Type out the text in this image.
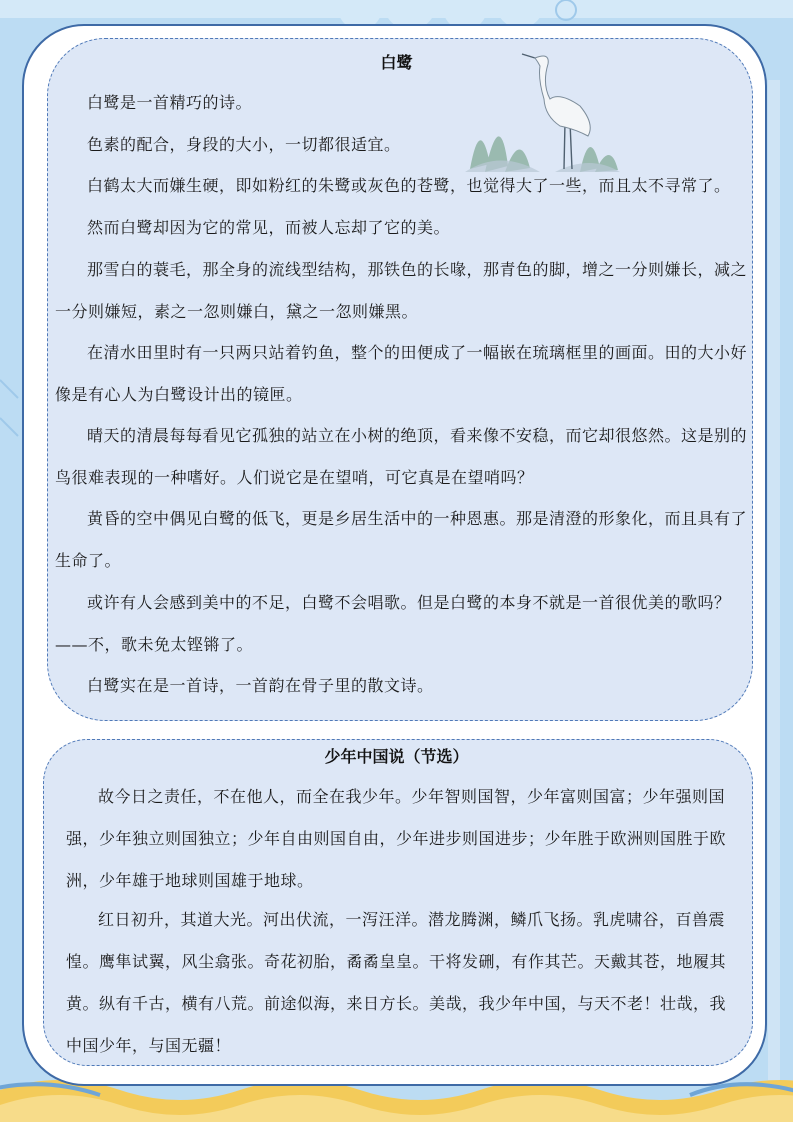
白鹭
少年中国说（节选）

白鹭是一首精巧的诗。

色素的配合，身段的大小，一切都很适宜。

白鹤太大而嫌生硬，即如粉红的朱鹭或灰色的苍鹭，也觉得大了一些，而且太不寻常了。

然而白鹭却因为它的常见，而被人忘却了它的美。

那雪白的蓑毛，那全身的流线型结构，那铁色的长喙，那青色的脚，增之一分则嫌长，减之一分则嫌短，素之一忽则嫌白，黛之一忽则嫌黑。

在清水田里时有一只两只站着钓鱼，整个的田便成了一幅嵌在琉璃框里的画面。田的大小好像是有心人为白鹭设计出的镜匣。

晴天的清晨每每看见它孤独的站立在小树的绝顶，看来像不安稳，而它却很悠然。这是别的鸟很难表现的一种嗜好。人们说它是在望哨，可它真是在望哨吗？

黄昏的空中偶见白鹭的低飞，更是乡居生活中的一种恩惠。那是清澄的形象化，而且具有了生命了。

或许有人会感到美中的不足，白鹭不会唱歌。但是白鹭的本身不就是一首很优美的歌吗？——不，歌未免太铿锵了。

白鹭实在是一首诗，一首韵在骨子里的散文诗。

故今日之责任，不在他人，而全在我少年。少年智则国智，少年富则国富；少年强则国强，少年独立则国独立；少年自由则国自由，少年进步则国进步；少年胜于欧洲则国胜于欧洲，少年雄于地球则国雄于地球。

红日初升，其道大光。河出伏流，一泻汪洋。潜龙腾渊，鳞爪飞扬。乳虎啸谷，百兽震惶。鹰隼试翼，风尘翕张。奇花初胎，矞矞皇皇。干将发硎，有作其芒。天戴其苍，地履其黄。纵有千古，横有八荒。前途似海，来日方长。美哉，我少年中国，与天不老！壮哉，我中国少年，与国无疆！
